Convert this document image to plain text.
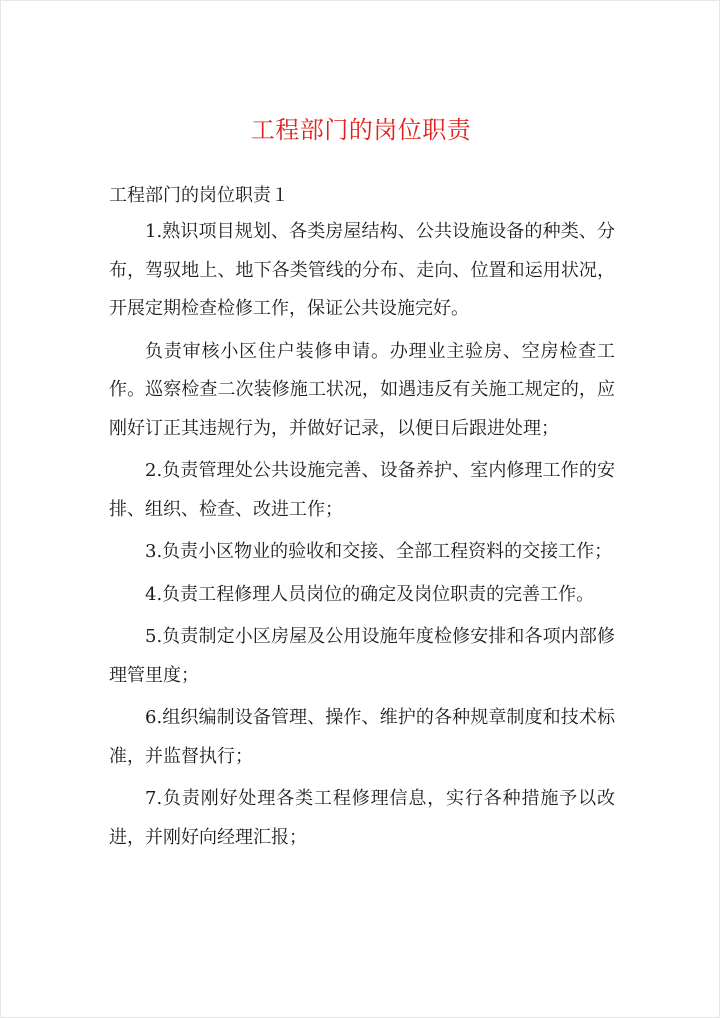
工程部门的岗位职责
工程部门的岗位职责１

1.熟识项目规划、各类房屋结构、公共设施设备的种类、分布，驾驭地上、地下各类管线的分布、走向、位置和运用状况，开展定期检查检修工作，保证公共设施完好。

负责审核小区住户装修申请。办理业主验房、空房检查工作。巡察检查二次装修施工状况，如遇违反有关施工规定的，应刚好订正其违规行为，并做好记录，以便日后跟进处理；

2.负责管理处公共设施完善、设备养护、室内修理工作的安排、组织、检查、改进工作；

3.负责小区物业的验收和交接、全部工程资料的交接工作；

4.负责工程修理人员岗位的确定及岗位职责的完善工作。

5.负责制定小区房屋及公用设施年度检修安排和各项内部修理管里度；

6.组织编制设备管理、操作、维护的各种规章制度和技术标准，并监督执行；

7.负责刚好处理各类工程修理信息，实行各种措施予以改进，并刚好向经理汇报；
